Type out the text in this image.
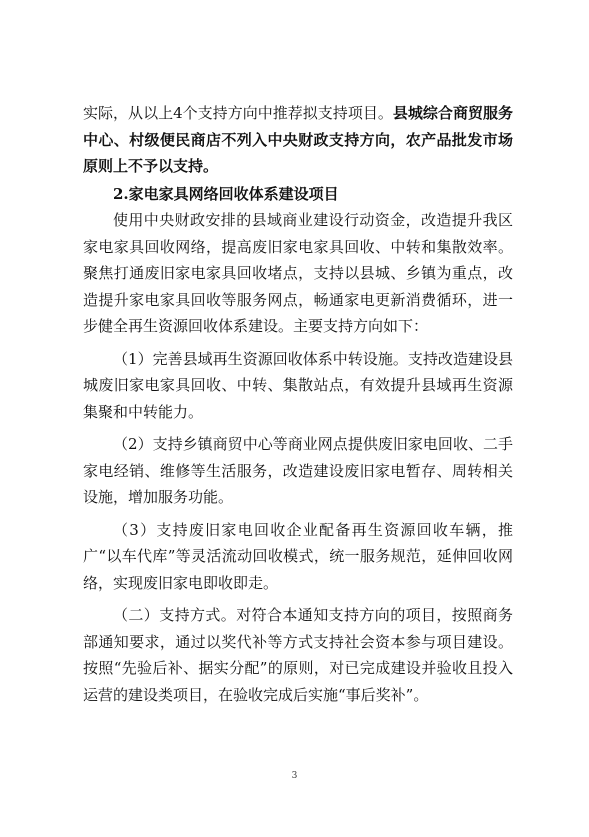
实际，从以上4个支持方向中推荐拟支持项目。县城综合商贸服务中心、村级便民商店不列入中央财政支持方向，农产品批发市场原则上不予以支持。

2.家电家具网络回收体系建设项目

使用中央财政安排的县域商业建设行动资金，改造提升我区家电家具回收网络，提高废旧家电家具回收、中转和集散效率。聚焦打通废旧家电家具回收堵点，支持以县城、乡镇为重点，改造提升家电家具回收等服务网点，畅通家电更新消费循环，进一步健全再生资源回收体系建设。主要支持方向如下：

（1）完善县域再生资源回收体系中转设施。支持改造建设县城废旧家电家具回收、中转、集散站点，有效提升县域再生资源集聚和中转能力。

（2）支持乡镇商贸中心等商业网点提供废旧家电回收、二手家电经销、维修等生活服务，改造建设废旧家电暂存、周转相关设施，增加服务功能。

（3）支持废旧家电回收企业配备再生资源回收车辆，推广“以车代库”等灵活流动回收模式，统一服务规范，延伸回收网络，实现废旧家电即收即走。

（二）支持方式。对符合本通知支持方向的项目，按照商务部通知要求，通过以奖代补等方式支持社会资本参与项目建设。按照“先验后补、据实分配”的原则，对已完成建设并验收且投入运营的建设类项目，在验收完成后实施“事后奖补”。

3
